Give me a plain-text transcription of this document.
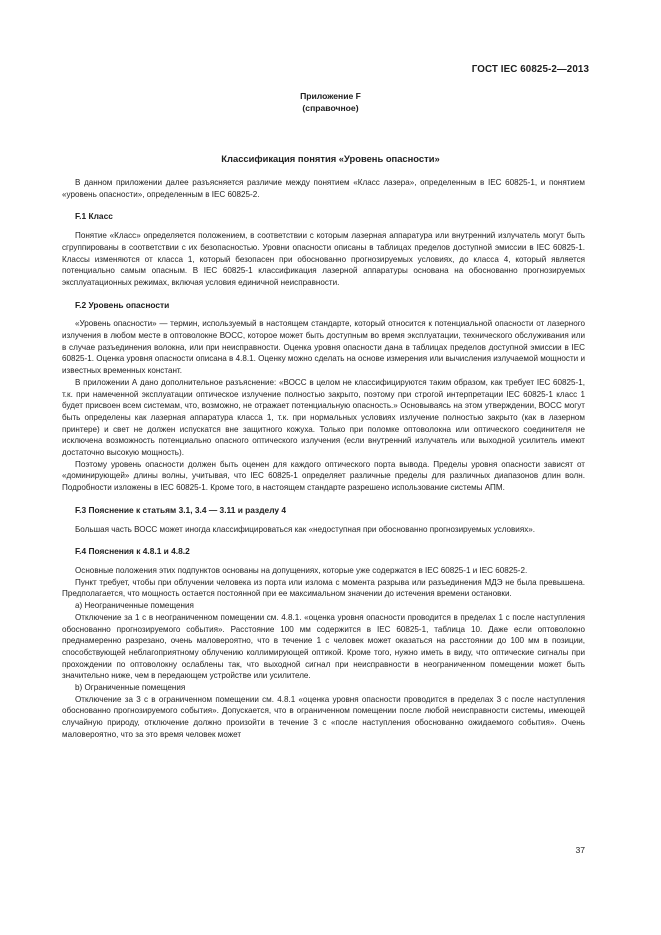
ГОСТ IEC 60825-2—2013
Приложение F
(справочное)
Классификация понятия «Уровень опасности»

В данном приложении далее разъясняется различие между понятием «Класс лазера», определенным в IEC 60825-1, и понятием «уровень опасности», определенным в IEC 60825-2.

F.1 Класс

Понятие «Класс» определяется положением, в соответствии с которым лазерная аппаратура или внутренний излучатель могут быть сгруппированы в соответствии с их безопасностью. Уровни опасности описаны в таблицах пределов доступной эмиссии в IEC 60825-1. Классы изменяются от класса 1, который безопасен при обоснованно прогнозируемых условиях, до класса 4, который является потенциально самым опасным. В IEC 60825-1 классификация лазерной аппаратуры основана на обоснованно прогнозируемых эксплуатационных режимах, включая условия единичной неисправности.

F.2 Уровень опасности

«Уровень опасности» — термин, используемый в настоящем стандарте, который относится к потенциальной опасности от лазерного излучения в любом месте в оптоволокне ВОСС, которое может быть доступным во время эксплуатации, технического обслуживания или в случае разъединения волокна, или при неисправности. Оценка уровня опасности дана в таблицах пределов доступной эмиссии в IEC 60825-1. Оценка уровня опасности описана в 4.8.1. Оценку можно сделать на основе измерения или вычисления излучаемой мощности и известных временных констант.

В приложении А дано дополнительное разъяснение: «ВОСС в целом не классифицируются таким образом, как требует IEC 60825-1, т.к. при намеченной эксплуатации оптическое излучение полностью закрыто, поэтому при строгой интерпретации IEC 60825-1 класс 1 будет присвоен всем системам, что, возможно, не отражает потенциальную опасность.» Основываясь на этом утверждении, ВОСС могут быть определены как лазерная аппаратура класса 1, т.к. при нормальных условиях излучение полностью закрыто (как в лазерном принтере) и свет не должен испускатся вне защитного кожуха. Только при поломке оптоволокна или оптического соединителя не исключена возможность потенциально опасного оптического излучения (если внутренний излучатель или выходной усилитель имеют достаточно высокую мощность).

Поэтому уровень опасности должен быть оценен для каждого оптического порта вывода. Пределы уровня опасности зависят от «доминирующей» длины волны, учитывая, что IEC 60825-1 определяет различные пределы для различных диапазонов длин волн. Подробности изложены в IEC 60825-1. Кроме того, в настоящем стандарте разрешено использование системы АПМ.

F.3 Пояснение к статьям 3.1, 3.4 — 3.11 и разделу 4

Большая часть ВОСС может иногда классифицироваться как «недоступная при обоснованно прогнозируемых условиях».

F.4 Пояснения к 4.8.1 и 4.8.2

Основные положения этих подпунктов основаны на допущениях, которые уже содержатся в IEC 60825-1 и IEC 60825-2.

Пункт требует, чтобы при облучении человека из порта или излома с момента разрыва или разъединения МДЭ не была превышена. Предполагается, что мощность остается постоянной при ее максимальном значении до истечения времени остановки.

а) Неограниченные помещения

Отключение за 1 с в неограниченном помещении см. 4.8.1. «оценка уровня опасности проводится в пределах 1 с после наступления обоснованно прогнозируемого события». Расстояние 100 мм содержится в IEC 60825-1, таблица 10. Даже если оптоволокно преднамеренно разрезано, очень маловероятно, что в течение 1 с человек может оказаться на расстоянии до 100 мм в позиции, способствующей неблагоприятному облучению коллимирующей оптикой. Кроме того, нужно иметь в виду, что оптические сигналы при прохождении по оптоволокну ослаблены так, что выходной сигнал при неисправности в неограниченном помещении может быть значительно ниже, чем в передающем устройстве или усилителе.

b) Ограниченные помещения

Отключение за 3 с в ограниченном помещении см. 4.8.1 «оценка уровня опасности проводится в пределах 3 с после наступления обоснованно прогнозируемого события». Допускается, что в ограниченном помещении после любой неисправности системы, имеющей случайную природу, отключение должно произойти в течение 3 с «после наступления обоснованно ожидаемого события». Очень маловероятно, что за это время человек может

37
